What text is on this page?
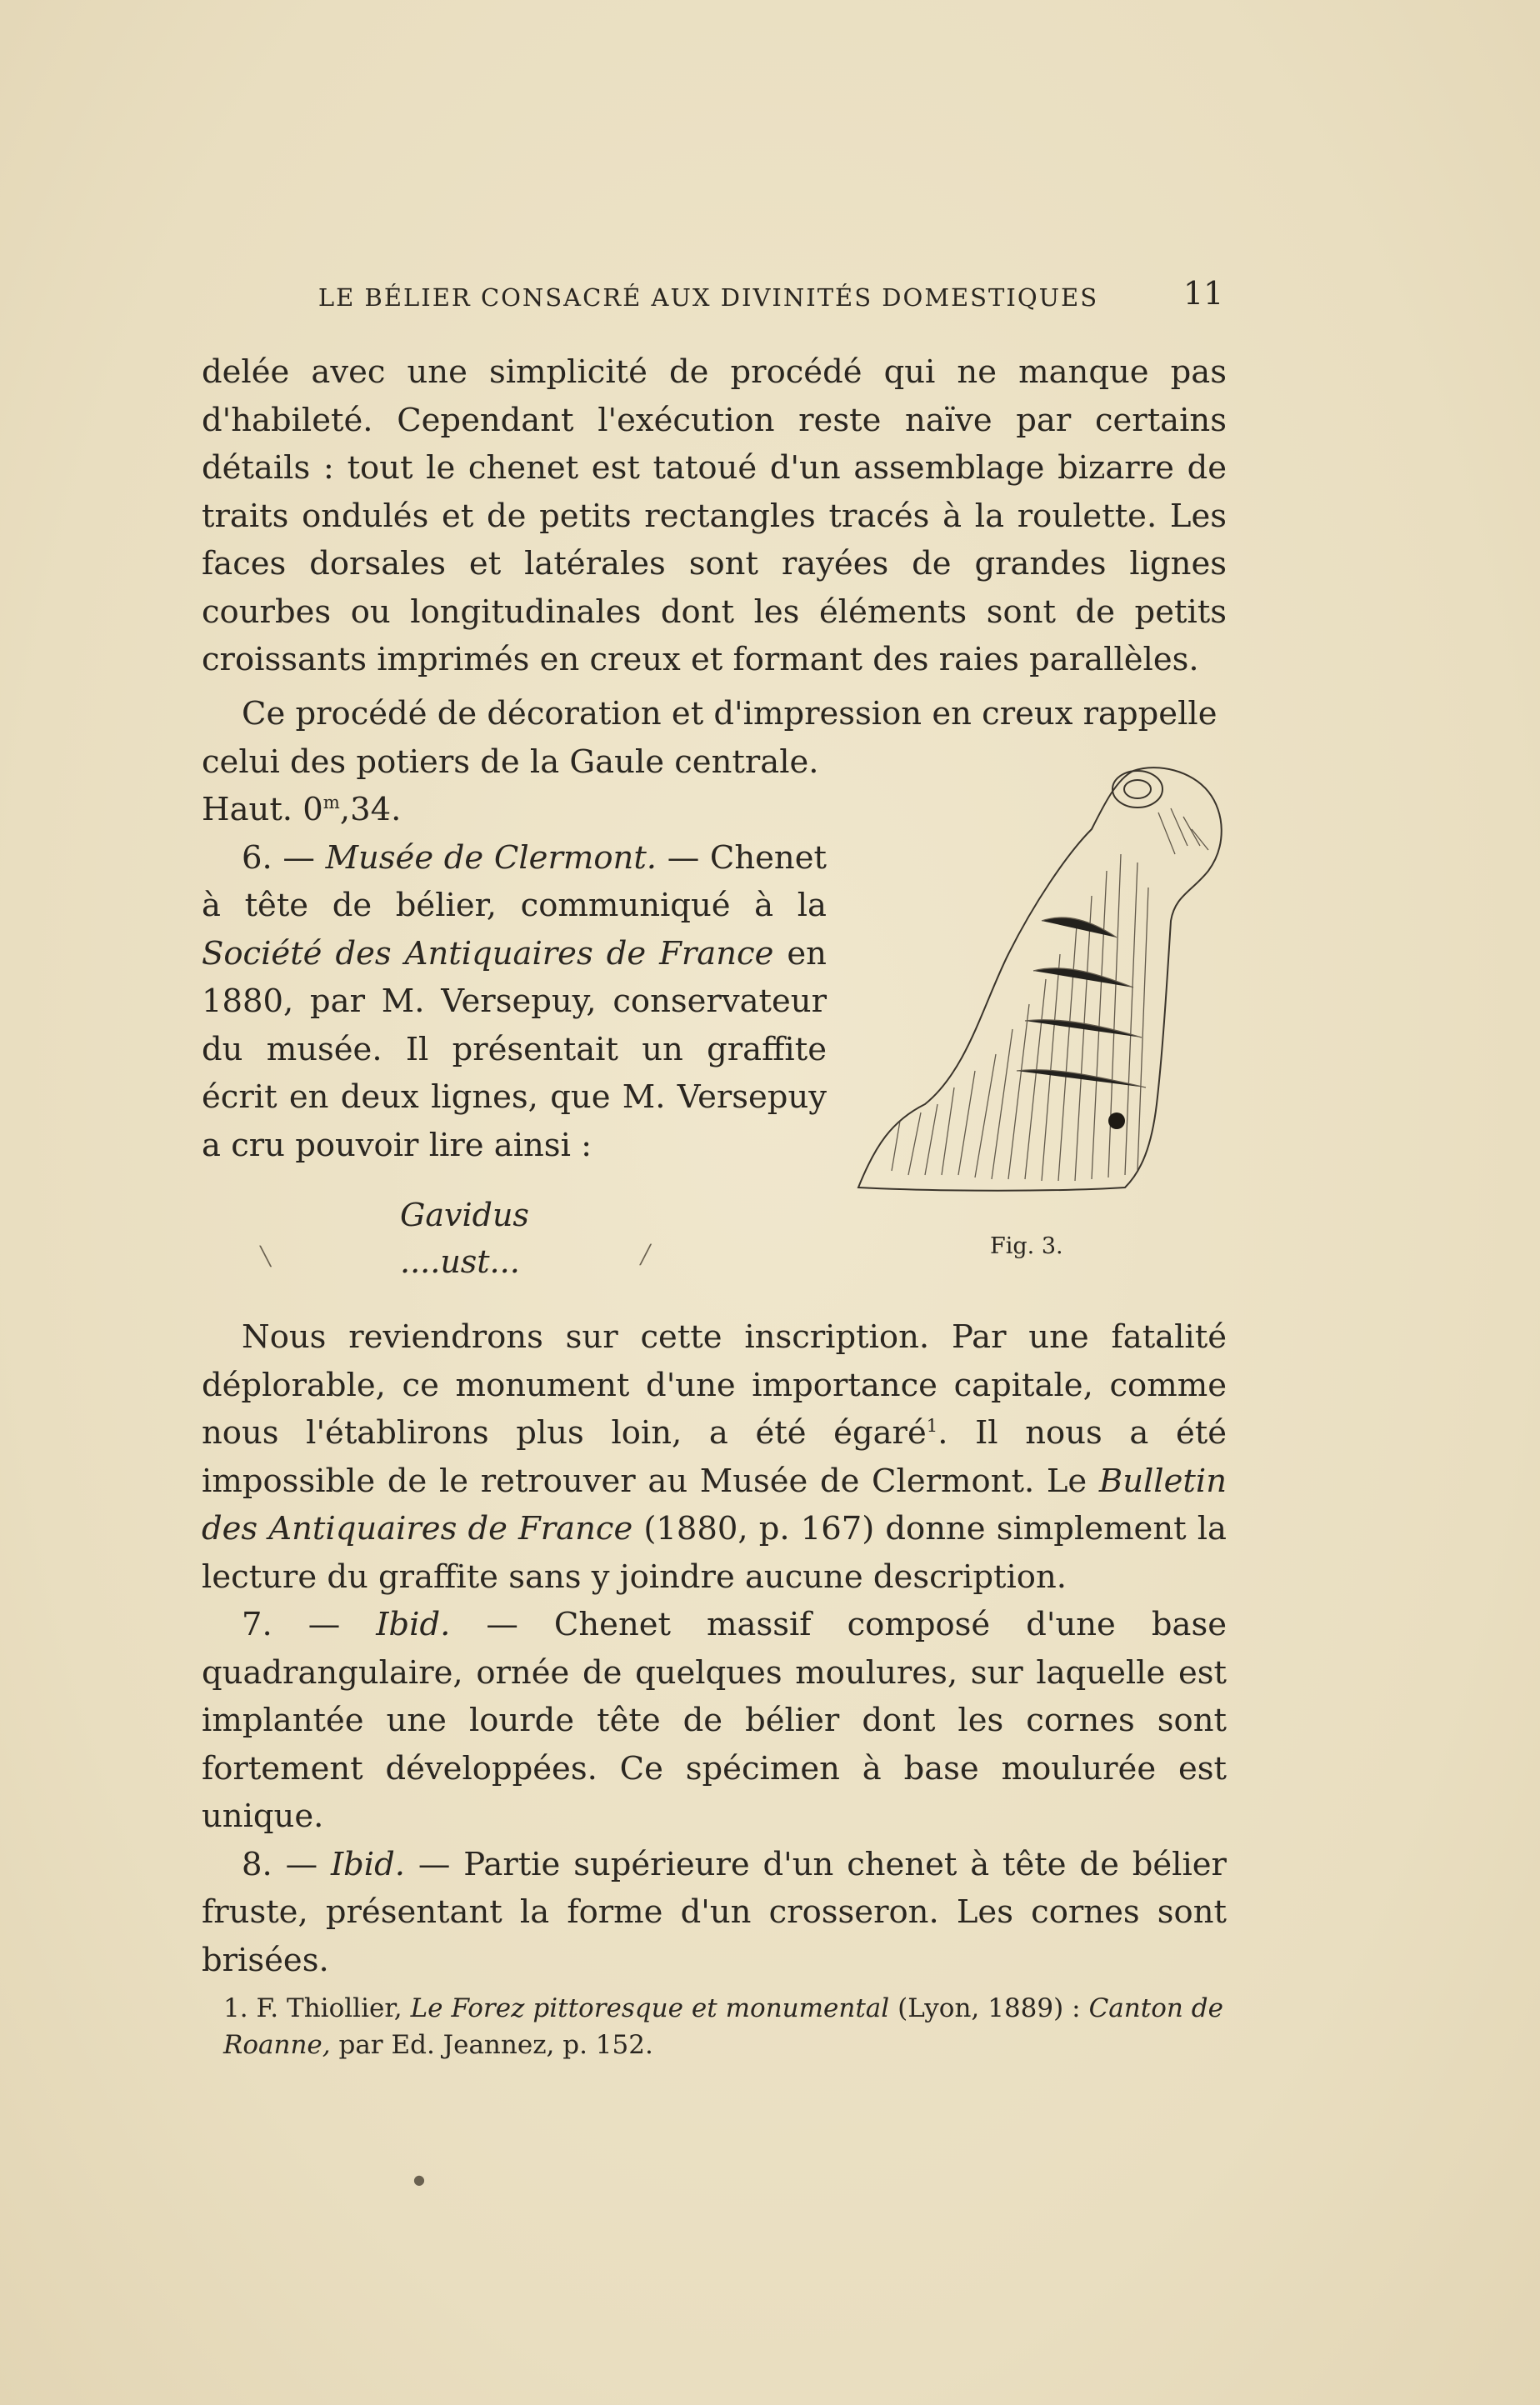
LE BÉLIER CONSACRÉ AUX DIVINITÉS DOMESTIQUES	11

delée avec une simplicité de procédé qui ne manque pas d'habileté. Cependant l'exécution reste naïve par certains détails : tout le chenet est tatoué d'un assemblage bizarre de traits ondulés et de petits rectangles tracés à la roulette. Les faces dorsales et latérales sont rayées de grandes lignes courbes ou longitudinales dont les éléments sont de petits croissants imprimés en creux et formant des raies parallèles.

Ce procédé de décoration et d'impression en creux rappelle

celui des potiers de la Gaule centrale.

Haut. 0$^m$,34.

6. — Musée de Clermont. — Chenet à tête de bélier, communiqué à la Société des Antiquaires de France en 1880, par M. Versepuy, conservateur du musée. Il présentait un graffite écrit en deux lignes, que M. Versepuy a cru pouvoir lire ainsi :

Gavidus
....ust...	Fig. 3.

Nous reviendrons sur cette inscription. Par une fatalité déplorable, ce monument d'une importance capitale, comme nous l'établirons plus loin, a été égaré$^1$. Il nous a été impossible de le retrouver au Musée de Clermont. Le Bulletin des Antiquaires de France (1880, p. 167) donne simplement la lecture du graffite sans y joindre aucune description.

7. — Ibid. — Chenet massif composé d'une base quadrangulaire, ornée de quelques moulures, sur laquelle est implantée une lourde tête de bélier dont les cornes sont fortement développées. Ce spécimen à base moulurée est unique.

8. — Ibid. — Partie supérieure d'un chenet à tête de bélier fruste, présentant la forme d'un crosseron. Les cornes sont brisées.

1. F. Thiollier, Le Forez pittoresque et monumental (Lyon, 1889) : Canton de Roanne, par Ed. Jeannez, p. 152.
╲	╱
●
